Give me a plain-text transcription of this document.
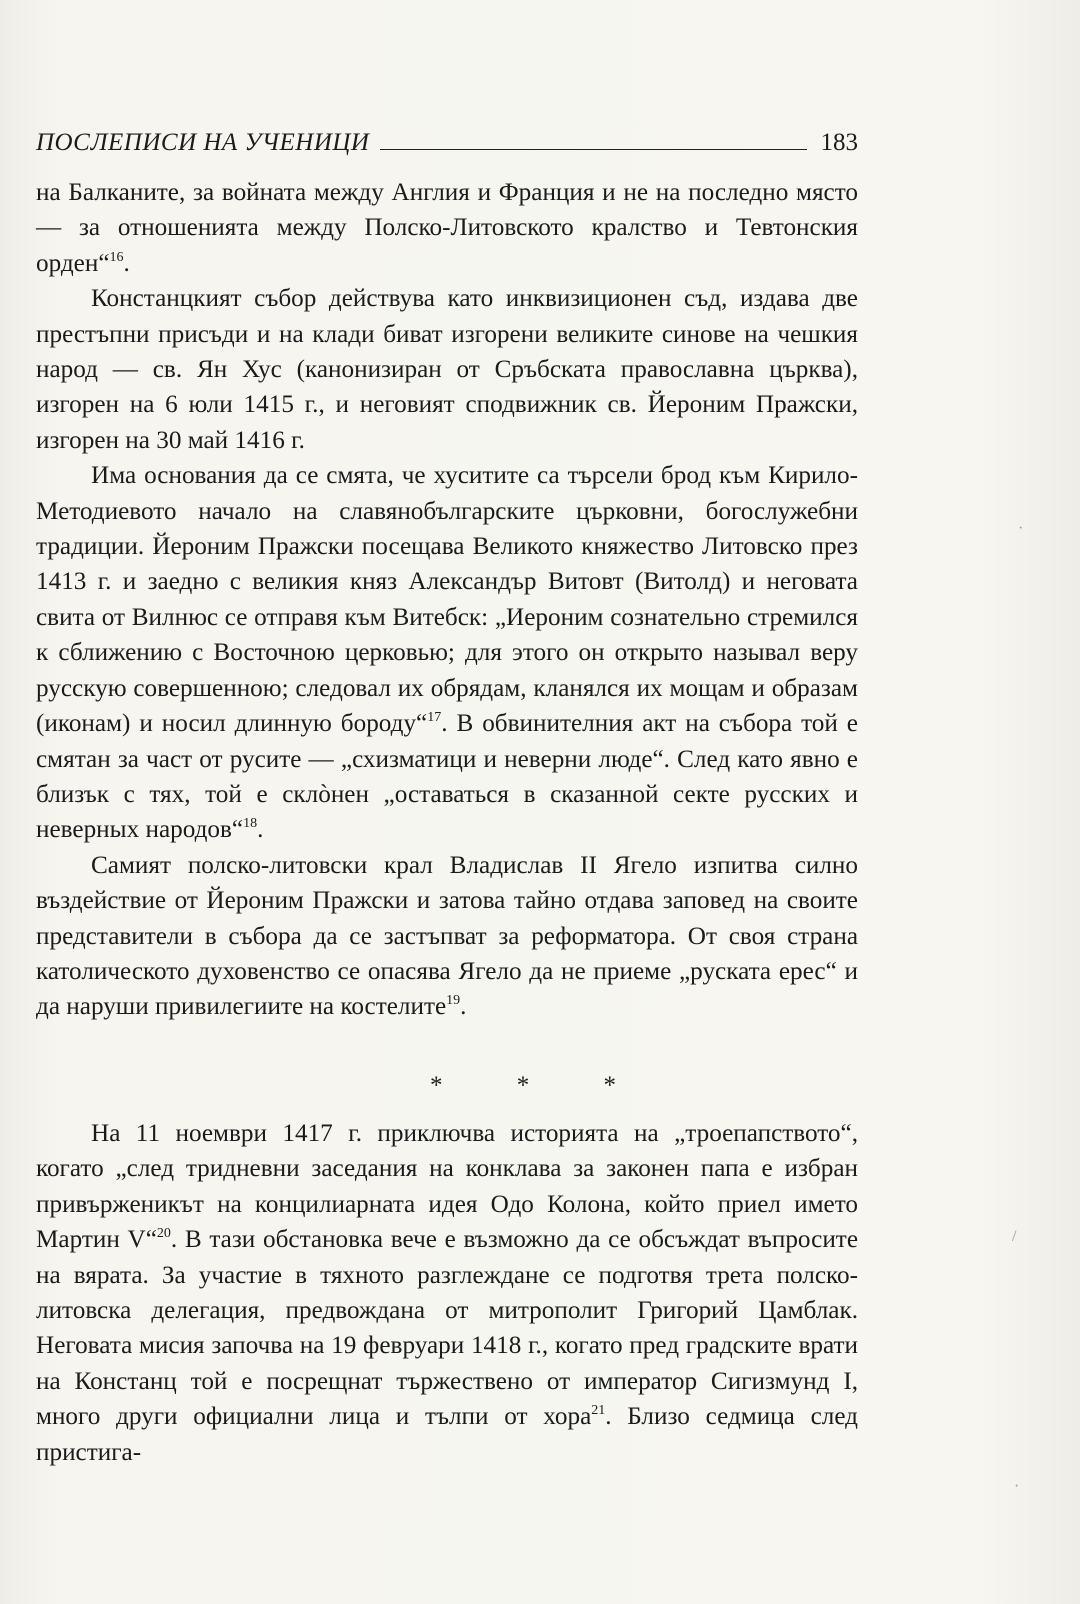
ПОСЛЕПИСИ НА УЧЕНИЦИ	183

на Балканите, за войната между Англия и Франция и не на последно място — за отношенията между Полско-Литовското кралство и Тевтонския орден“$^{16}$.

Констанцкият събор действува като инквизиционен съд, издава две престъпни присъди и на клади биват изгорени великите синове на чешкия народ — св. Ян Хус (канонизиран от Сръбската православна църква), изгорен на 6 юли 1415 г., и неговият сподвижник св. Йероним Пражски, изгорен на 30 май 1416 г.

Има основания да се смята, че хуситите са търсели брод към Кирило-Методиевото начало на славянобългарските църковни, богослужебни традиции. Йероним Пражски посещава Великото княжество Литовско през 1413 г. и заедно с великия княз Александър Витовт (Витолд) и неговата свита от Вилнюс се отправя към Витебск: „Иероним сознательно стремился к сближению с Восточною церковью; для этого он открыто называл веру русскую совершенною; следовал их обрядам, кланялся их мощам и образам (иконам) и носил длинную бороду“$^{17}$. В обвинителния акт на събора той е смятан за част от русите — „схизматици и неверни люде“. След като явно е близък с тях, той е склòнен „оставаться в сказанной секте русских и неверных народов“$^{18}$.

Самият полско-литовски крал Владислав II Ягело изпитва силно въздействие от Йероним Пражски и затова тайно отдава заповед на своите представители в събора да се застъпват за реформатора. От своя страна католическото духовенство се опасява Ягело да не приеме „руската ерес“ и да наруши привилегиите на костелите$^{19}$.

* * *

На 11 ноември 1417 г. приключва историята на „троепапството“, когато „след тридневни заседания на конклава за законен папа е избран привърженикът на концилиарната идея Одо Колона, който приел името Мартин V“$^{20}$. В тази обстановка вече е възможно да се обсъждат въпросите на вярата. За участие в тяхното разглеждане се подготвя трета полско-литовска делегация, предвождана от митрополит Григорий Цамблак. Неговата мисия започва на 19 февруари 1418 г., когато пред градските врати на Констанц той е посрещнат тържествено от император Сигизмунд I, много други официални лица и тълпи от хора$^{21}$. Близо седмица след пристига-

·
/
·
